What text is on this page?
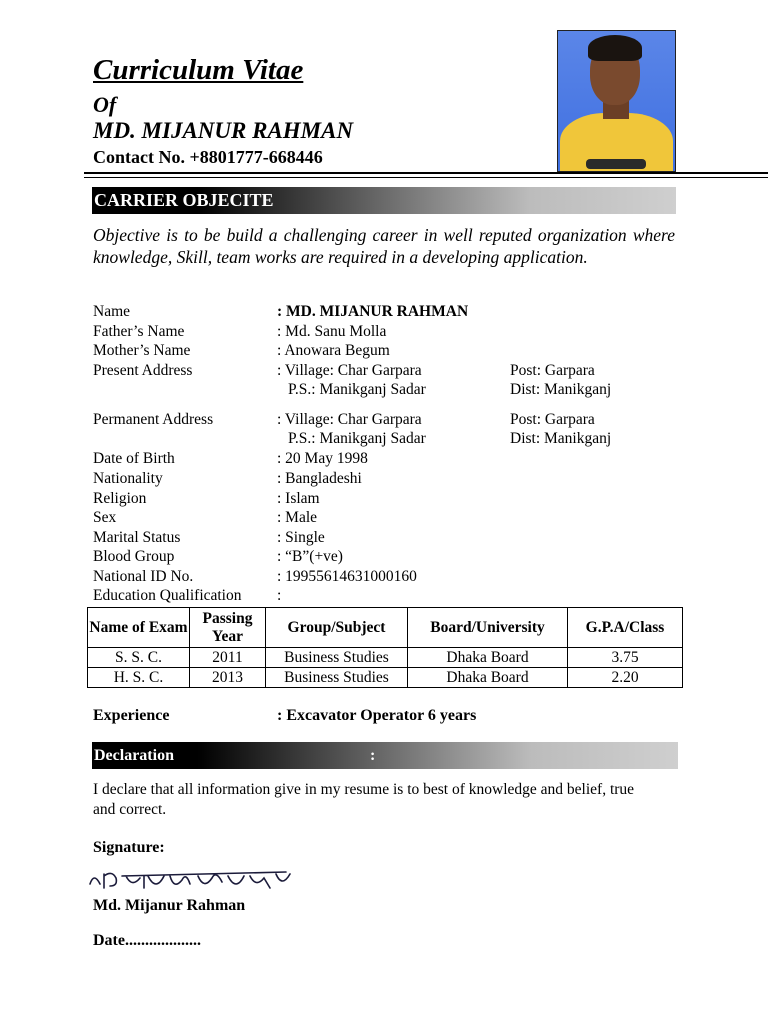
Curriculum Vitae
Of
MD. MIJANUR RAHMAN
Contact No. +8801777-668446
CARRIER OBJECITE
Objective is to be build a challenging career in well reputed organization where knowledge, Skill, team works are required in a developing application.
Name	: MD. MIJANUR RAHMAN
Father’s Name	: Md. Sanu Molla
Mother’s Name	: Anowara Begum
Present Address	: Village: Char Garpara	Post: Garpara
P.S.: Manikganj Sadar	Dist: Manikganj
Permanent Address	: Village: Char Garpara	Post: Garpara
P.S.: Manikganj Sadar	Dist: Manikganj
Date of Birth	: 20 May 1998
Nationality	: Bangladeshi
Religion	: Islam
Sex	: Male
Marital Status	: Single
Blood Group	: “B”(+ve)
National ID No.	: 19955614631000160
Education Qualification :
Name of Exam	Passing Year	Group/Subject	Board/University	G.P.A/Class
S. S. C.	2011	Business Studies	Dhaka Board	3.75
H. S. C.	2013	Business Studies	Dhaka Board	2.20
Experience	: Excavator Operator 6 years
Declaration	:
I declare that all information give in my resume is to best of knowledge and belief, true and correct.
Signature:
Md. Mijanur Rahman
Date...................
